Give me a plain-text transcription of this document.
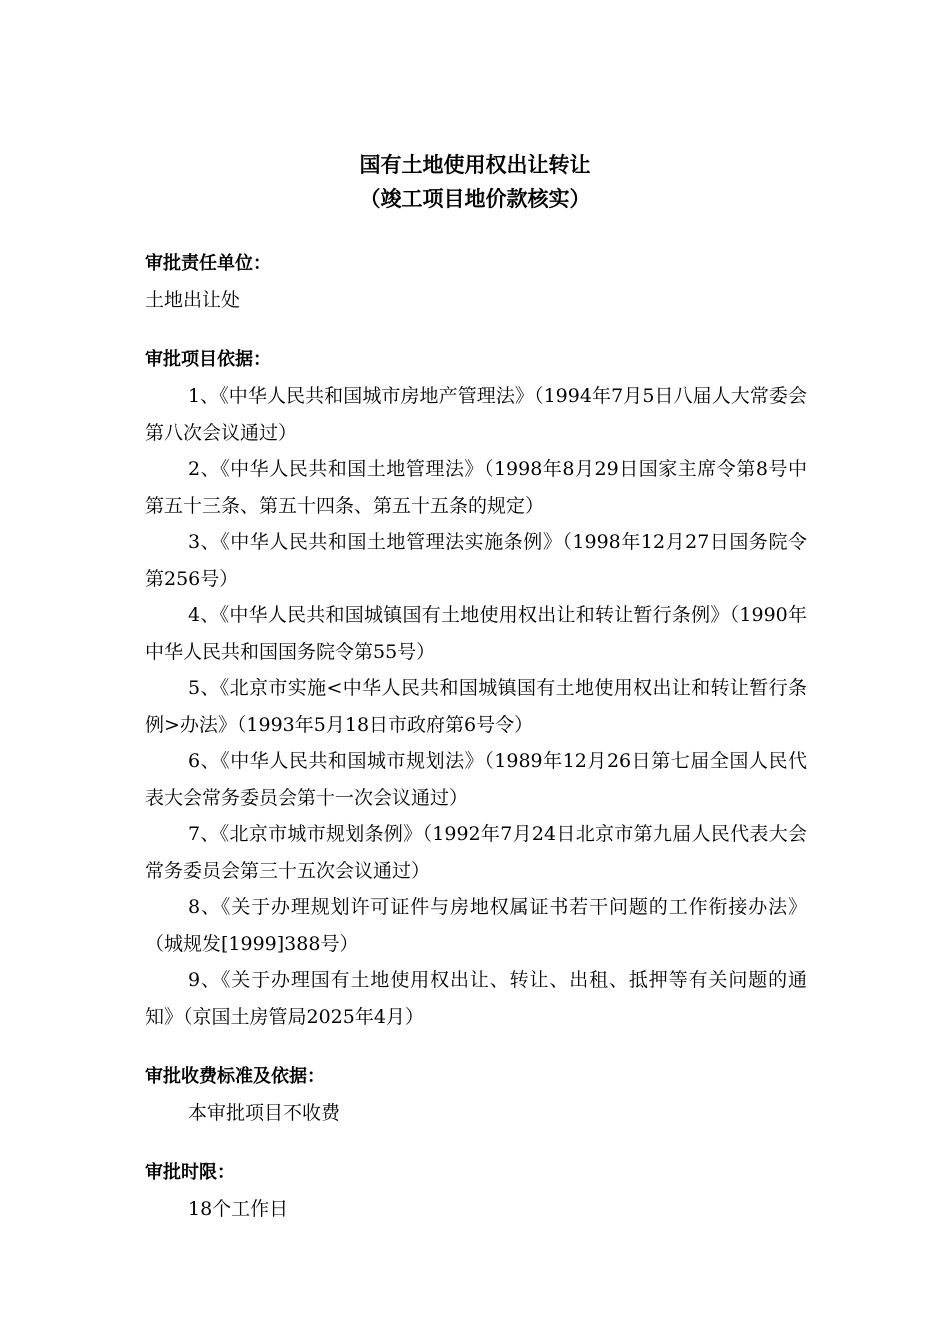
国有土地使用权出让转让
（竣工项目地价款核实）
审批责任单位：
土地出让处
审批项目依据：
1、《中华人民共和国城市房地产管理法》（1994年7月5日八届人大常委会第八次会议通过）
2、《中华人民共和国土地管理法》（1998年8月29日国家主席令第8号中第五十三条、第五十四条、第五十五条的规定）
3、《中华人民共和国土地管理法实施条例》（1998年12月27日国务院令第256号）
4、《中华人民共和国城镇国有土地使用权出让和转让暂行条例》（1990年中华人民共和国国务院令第55号）
5、《北京市实施<中华人民共和国城镇国有土地使用权出让和转让暂行条例>办法》（1993年5月18日市政府第6号令）
6、《中华人民共和国城市规划法》（1989年12月26日第七届全国人民代表大会常务委员会第十一次会议通过）
7、《北京市城市规划条例》（1992年7月24日北京市第九届人民代表大会常务委员会第三十五次会议通过）
8、《关于办理规划许可证件与房地权属证书若干问题的工作衔接办法》（城规发[1999]388号）
9、《关于办理国有土地使用权出让、转让、出租、抵押等有关问题的通知》（京国土房管局2025年4月）
审批收费标准及依据：
本审批项目不收费
审批时限：
18个工作日
